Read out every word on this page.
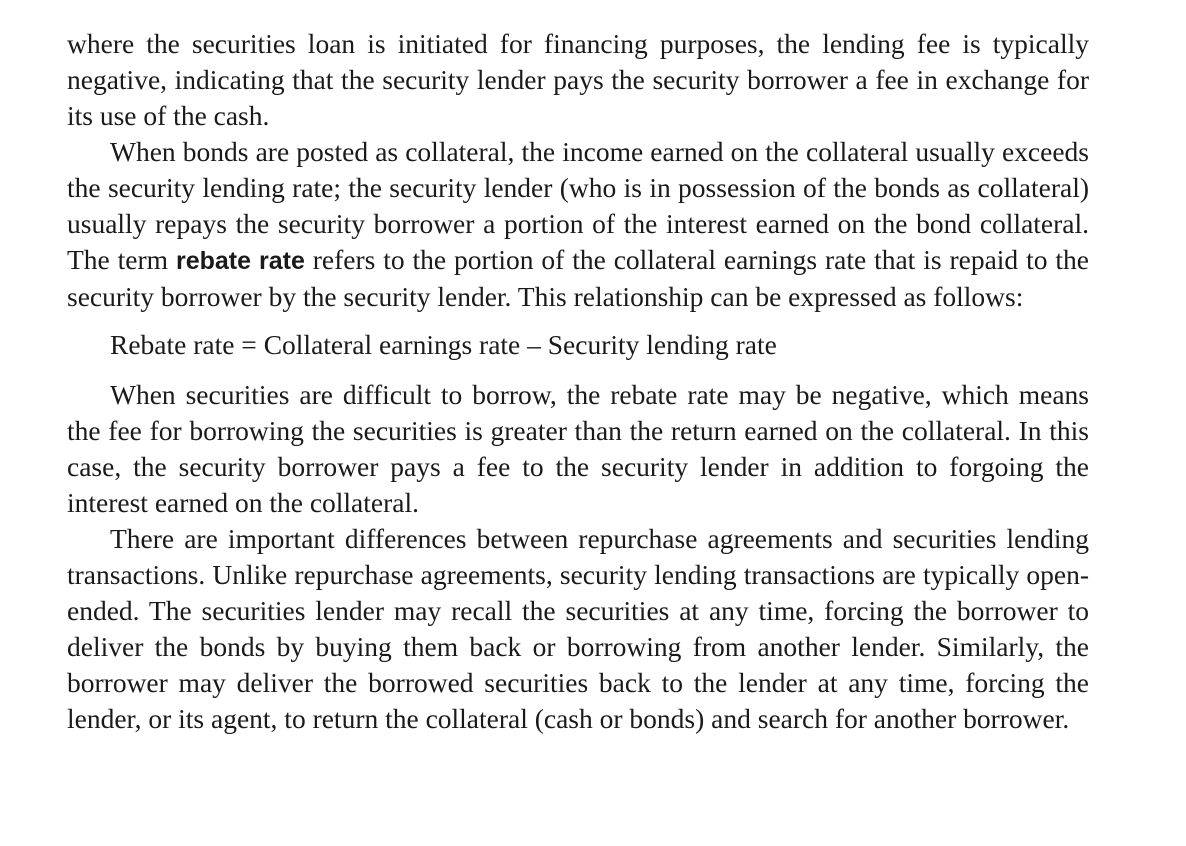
where the securities loan is initiated for financing purposes, the lending fee is typically negative, indicating that the security lender pays the security borrower a fee in exchange for its use of the cash.

When bonds are posted as collateral, the income earned on the collateral usually exceeds the security lending rate; the security lender (who is in possession of the bonds as collateral) usually repays the security borrower a portion of the interest earned on the bond collateral. The term rebate rate refers to the portion of the collateral earnings rate that is repaid to the security borrower by the security lender. This relationship can be expressed as follows:

Rebate rate = Collateral earnings rate – Security lending rate

When securities are difficult to borrow, the rebate rate may be negative, which means the fee for borrowing the securities is greater than the return earned on the collateral. In this case, the security borrower pays a fee to the security lender in addition to forgoing the interest earned on the collateral.

There are important differences between repurchase agreements and securities lending transactions. Unlike repurchase agreements, security lending transactions are typically open-ended. The securities lender may recall the securities at any time, forcing the borrower to deliver the bonds by buying them back or borrowing from another lender. Similarly, the borrower may deliver the borrowed securities back to the lender at any time, forcing the lender, or its agent, to return the collateral (cash or bonds) and search for another borrower.
